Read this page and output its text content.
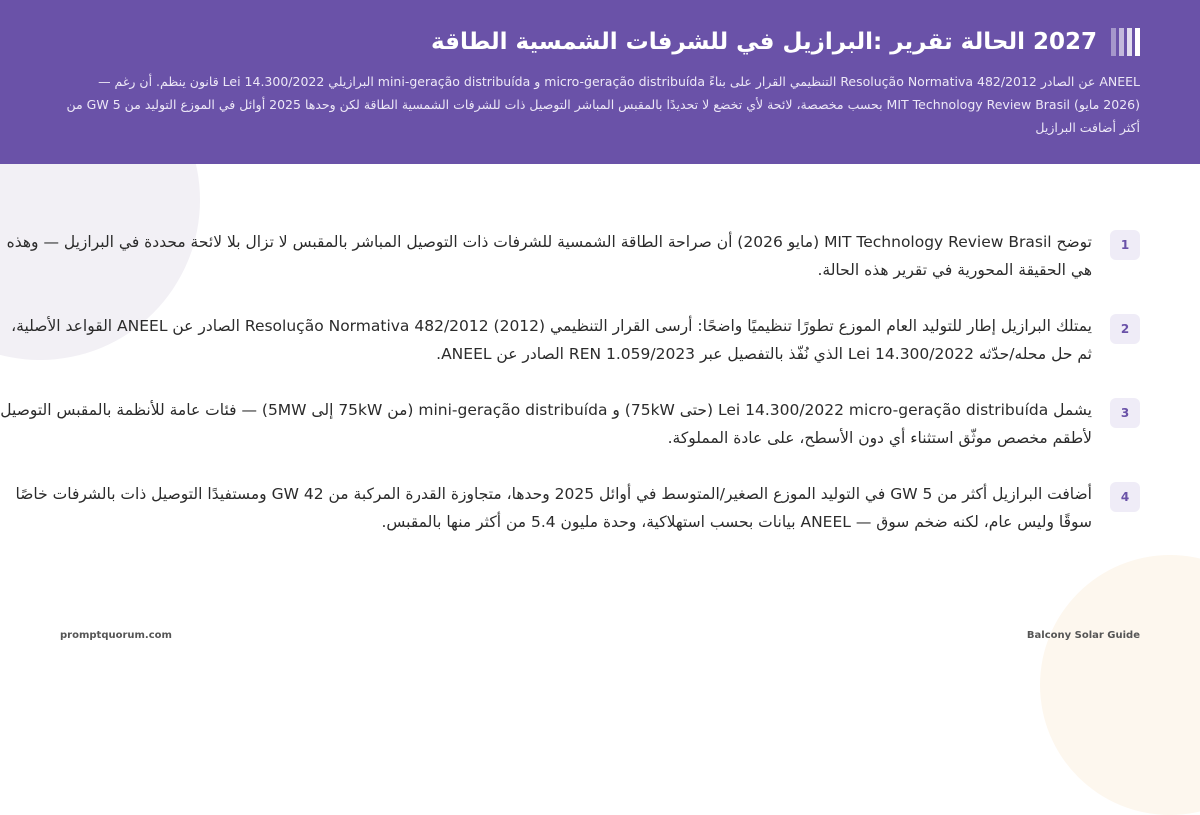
2027 الحالة تقرير :البرازيل في للشرفات الشمسية الطاقة
ANEEL عن الصادر Resolução Normativa 482/2012 التنظيمي القرار على بناءً micro-geração distribuída و mini-geração distribuída البرازيلي Lei 14.300/2022 قانون ينظم. أن رغم — (2026 مايو) MIT Technology Review Brasil بحسب مخصصة، لائحة لأي تخضع لا تحديدًا بالمقبس المباشر التوصيل ذات للشرفات الشمسية الطاقة لكن وحدها 2025 أوائل في الموزع التوليد من 5 GW من أكثر أضافت البرازيل
1
توضح MIT Technology Review Brasil (مايو 2026) أن صراحة الطاقة الشمسية للشرفات ذات التوصيل المباشر بالمقبس لا تزال بلا لائحة محددة في البرازيل — وهذه هي الحقيقة المحورية في تقرير هذه الحالة.
2
يمتلك البرازيل إطار للتوليد العام الموزع تطورًا تنظيميًا واضحًا: أرسى القرار التنظيمي Resolução Normativa 482/2012 (2012) الصادر عن ANEEL القواعد الأصلية، ثم حل محله/حدّثه Lei 14.300/2022 الذي نُفّذ بالتفصيل عبر REN 1.059/2023 الصادر عن ANEEL.
3
يشمل Lei 14.300/2022 micro-geração distribuída (حتى 75kW) و mini-geração distribuída (من 75kW إلى 5MW) — فئات عامة للأنظمة بالمقبس التوصيل لأطقم مخصص موثّق استثناء أي دون الأسطح، على عادة المملوكة.
4
أضافت البرازيل أكثر من 5 GW في التوليد الموزع الصغير/المتوسط في أوائل 2025 وحدها، متجاوزة القدرة المركبة من 42 GW ومستفيدًا التوصيل ذات بالشرفات خاصًا سوقًا وليس عام، لكنه ضخم سوق — ANEEL بيانات بحسب استهلاكية، وحدة مليون 5.4 من أكثر منها بالمقبس.
promptquorum.com	Balcony Solar Guide
